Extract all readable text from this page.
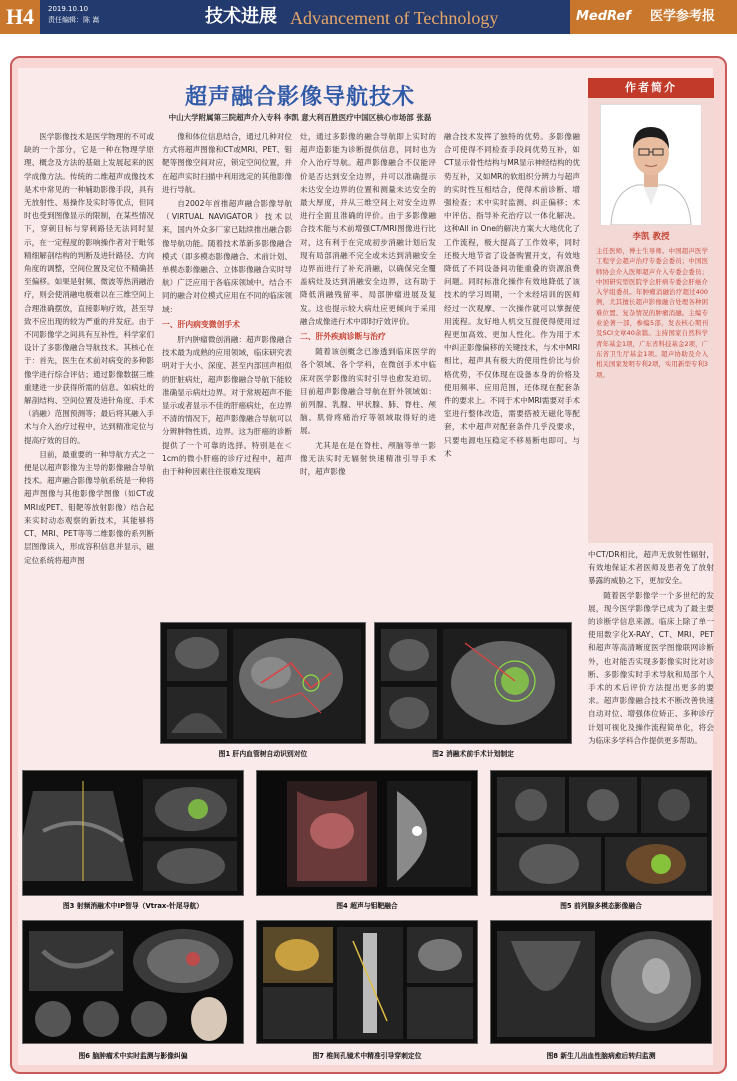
H4	2019.10.10
责任编辑：陈 嵩	技术进展 Advancement of Technology	MedRef 医学参考报
超声融合影像导航技术
中山大学附属第三院超声介入专科 李凯 意大利百胜医疗中国区核心市场部 张磊

医学影像技术是医学物理的不可或缺的一个部分，它是一种在物理学原理、概念及方法的基础上发展起来的医学成像方法。传统的二维超声成像技术是术中常见的一种辅助影像手段，具有无放射性、易操作及实时等优点，但同时也受到图像显示的限制，在某些情况下，穿刺目标与穿刺路径无法同时显示，在一定程度的影响操作者对于毗邻精细解剖结构的判断及进针路径、方向角度的调整，空间位置及定位不精确甚至偏移。如果是射频、微波等热消融治疗，则会使消融电极难以在三维空间上合理准确摆放，直接影响疗效，甚至导致不应出现的较为严重的并发症。由于不同影像学之间具有互补性，科学家们设计了多影像融合导航技术。其核心在于：首先，医生在术前对病变的多种影像学进行综合评估；通过影像数据三维重建进一步获得所需的信息。如病灶的解剖结构、空间位置及进针角度、手术（消融）范围预测等；最后将其融入手术与介入治疗过程中，达到精准定位与提高疗效的目的。

目前，最重要的一种导航方式之一便是以超声影像为主导的影像融合导航技术。超声融合影像导航系统是一种将超声图像与其他影像学图像（如CT或MRI或PET、钼靶等放射影像）结合起来实时动态观察的新技术，其能够将CT、MRI、PET等等二维影像的系列断层图像读入，形成容积信息并显示，磁定位系统将超声图

像和体位信息结合，通过几种对位方式将超声图像和CT或MRI、PET、钼靶等图像空间对应，锁定空间位置，并在超声实时扫描中利用选定的其他影像进行导航。

自2002年首推超声融合影像导航（VIRTUAL NAVIGATOR）技术以来，国内外众多厂家已陆续推出融合影像导航功能。随着技术革新多影像融合模式（即多模态影像融合、术前计划、单模态影像融合、立体影像融合实时导航）广泛应用于各临床领域中。结合不同的融合对位模式应用在不同的临床领域：

一、肝内病变微创手术

肝内肿瘤微创消融：超声影像融合技术最为成熟的应用领域，临床研究表明对于大小、深度、甚至内部回声相似的肝脏病灶，超声影像融合导航下能较准确显示病灶边界。对于常规超声不能显示或者显示不佳的肝癌病灶，在边界不清的情况下，超声影像融合导航可以分辨肿物性质、边界。这为肝癌的诊断提供了一个可靠的选择。特别是在＜1cm的微小肝癌的诊疗过程中，超声由于种种因素往往很难发现病

灶，通过多影像的融合导航即上实时的超声造影能为诊断提供信息，同时也为介入治疗导航。超声影像融合不仅能评价是否达到安全边界，并可以准确提示未达安全边界的位置和测量未达安全的最大厚度，并从三维空间上对安全边界进行全面且准确的评价。由于多影像融合技术能与术前增强CT/MRI图像进行比对，这有利于在完成初步消融计划后发现有局部消融不完全或未达到消融安全边界而进行了补充消融，以确保完全覆盖病灶及达到消融安全边界，这有助于降低消融残留率、局部肿瘤进展及复发。这也提示较大病灶应更倾向于采用融合成像进行术中即时疗效评价。

二、肝外疾病诊断与治疗

随着该创概念已渗透到临床医学的各个领域、各个学科，在微创手术中临床对医学影像的实时引导也愈发迫切。目前超声影像融合导航在肝外领域如：前列腺、乳腺、甲状腺、肺、脊柱、颅脑、肌骨疼痛治疗等领域取得好的进展。

尤其是在是在脊柱、颅脑等单一影像无法实时无辐射快速精准引导手术时，超声影像

融合技术发挥了独特的优势。多影像融合可使得不同检查手段间优势互补，如CT显示骨性结构与MR显示神经结构的优势互补，又如MR的软组织分辨力与超声的实时性互相结合，使得术前诊断、增强检查；术中实时监测、纠正偏移；术中评估、指导补充治疗以一体化解决。这种All in One的解决方案大大地优化了工作流程，极大提高了工作效率，同时还极大地节省了设备购置开支，有效地降低了不同设备间功能重叠的资源浪费问题。同时标准化操作有效地降低了该技术的学习周期，一个未经培训的医师经过一次观摩、一次操作就可以掌握使用流程。友好地人机交互提使得使用过程更加高效、更加人性化。作为用于术中纠正影像偏移的关键技术，与术中MRI相比，超声具有极大的使用性价比与价格优势，不仅体现在设备本身的价格及使用频率、应用范围，还体现在配套条件的要求上。不同于术中MRI需要对手术室进行整体改造，需要搭被无磁化等配套，术中超声对配套条件几乎没要求，只要电源电压稳定不移易断电即可。与术

中CT/DR相比，超声无放射性辐射，有效地保证术者医师及患者免了放射暴露的威胁之下，更加安全。

随着医学影像学一个多世纪的发展，现今医学影像学已成为了最主要的诊断学信息来源。临床上除了单一使用数字化X-RAY、CT、MRI、PET和超声等高清晰度医学图像联网诊断外，也对能否实现多影像实时比对诊断、多影像实时手术导航和局部个人手术的术后评价方法提出更多的要求。超声影像融合技术不断改善快速自动对位、增强体位矫正、多种诊疗计划可视化及操作流程简单化，将会为临床多学科合作提供更多帮助。

作者简介
李凯 教授
主任医师，博士生导师。中国超声医学工程学会超声治疗专委会委员；中国医师协会介入医师超声介入专委会委员；中国研究型医院学会肝病专委会肝癌介入学组委员。年肿瘤消融治疗超过400例，尤其擅长超声影像融合处理各种困难位置、复杂情况的肿瘤消融。主编专业论著一部，参编5部，发表核心期刊及SCI文章40余篇。主持国家自然科学青年基金1项，广东省科技基金2项，广东省卫生厅基金1项。超声协助及介入相关国家发明专利2项，实用新型专利3项。
图1 肝内血管树自动识别对位	图2 消融术前手术计划制定
图3 射频消融术中IP智导（Vtrax-针尾导航）	图4 超声与钼靶融合	图5 前列腺多模态影像融合
图6 脑肿瘤术中实时监测与影像纠偏	图7 椎间孔镜术中精准引导穿刺定位	图8 新生儿出血性脑病愈后转归监测
